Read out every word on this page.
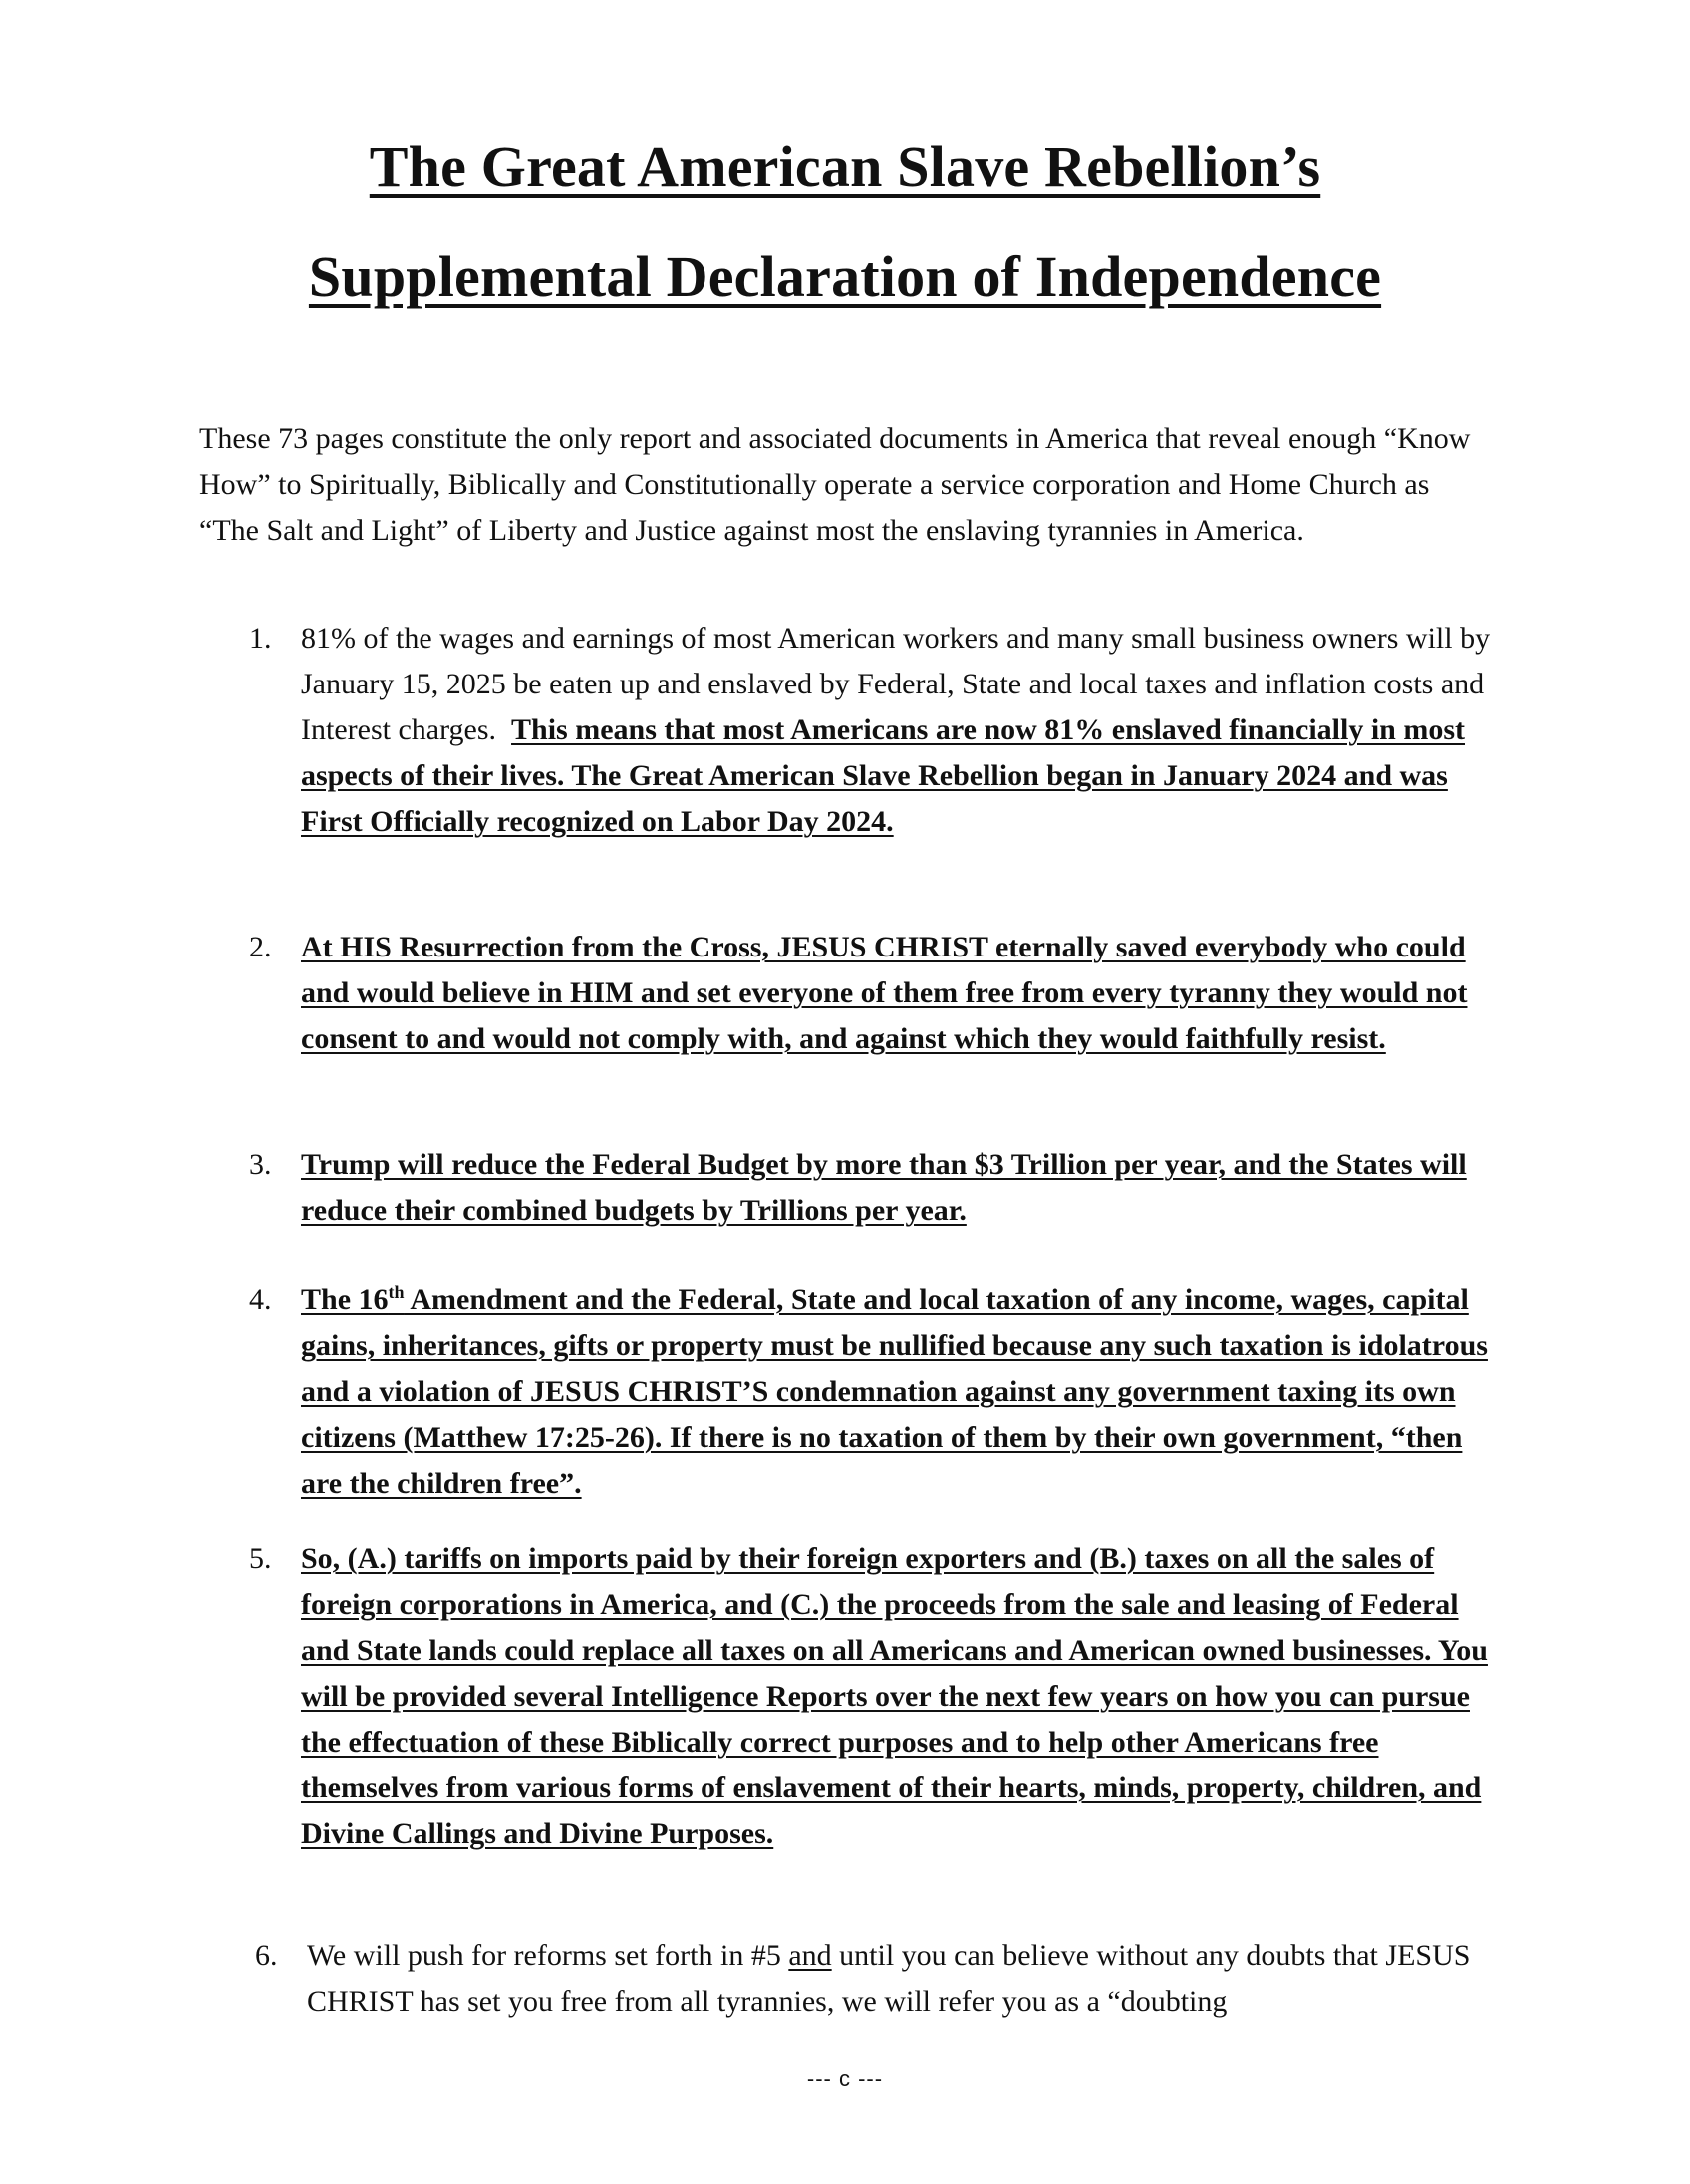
The Great American Slave Rebellion’s
Supplemental Declaration of Independence

These 73 pages constitute the only report and associated documents in America that reveal enough “Know How” to Spiritually, Biblically and Constitutionally operate a service corporation and Home Church as “The Salt and Light” of Liberty and Justice against most the enslaving tyrannies in America.

1. 81% of the wages and earnings of most American workers and many small business owners will by January 15, 2025 be eaten up and enslaved by Federal, State and local taxes and inflation costs and Interest charges. This means that most Americans are now 81% enslaved financially in most aspects of their lives. The Great American Slave Rebellion began in January 2024 and was First Officially recognized on Labor Day 2024.
2. At HIS Resurrection from the Cross, JESUS CHRIST eternally saved everybody who could and would believe in HIM and set everyone of them free from every tyranny they would not consent to and would not comply with, and against which they would faithfully resist.
3. Trump will reduce the Federal Budget by more than $3 Trillion per year, and the States will reduce their combined budgets by Trillions per year.
4. The 16th Amendment and the Federal, State and local taxation of any income, wages, capital gains, inheritances, gifts or property must be nullified because any such taxation is idolatrous and a violation of JESUS CHRIST’S condemnation against any government taxing its own citizens (Matthew 17:25-26). If there is no taxation of them by their own government, “then are the children free”.
5. So, (A.) tariffs on imports paid by their foreign exporters and (B.) taxes on all the sales of foreign corporations in America, and (C.) the proceeds from the sale and leasing of Federal and State lands could replace all taxes on all Americans and American owned businesses. You will be provided several Intelligence Reports over the next few years on how you can pursue the effectuation of these Biblically correct purposes and to help other Americans free themselves from various forms of enslavement of their hearts, minds, property, children, and Divine Callings and Divine Purposes.
6. We will push for reforms set forth in #5 and until you can believe without any doubts that JESUS CHRIST has set you free from all tyrannies, we will refer you as a “doubting
--- c ---
